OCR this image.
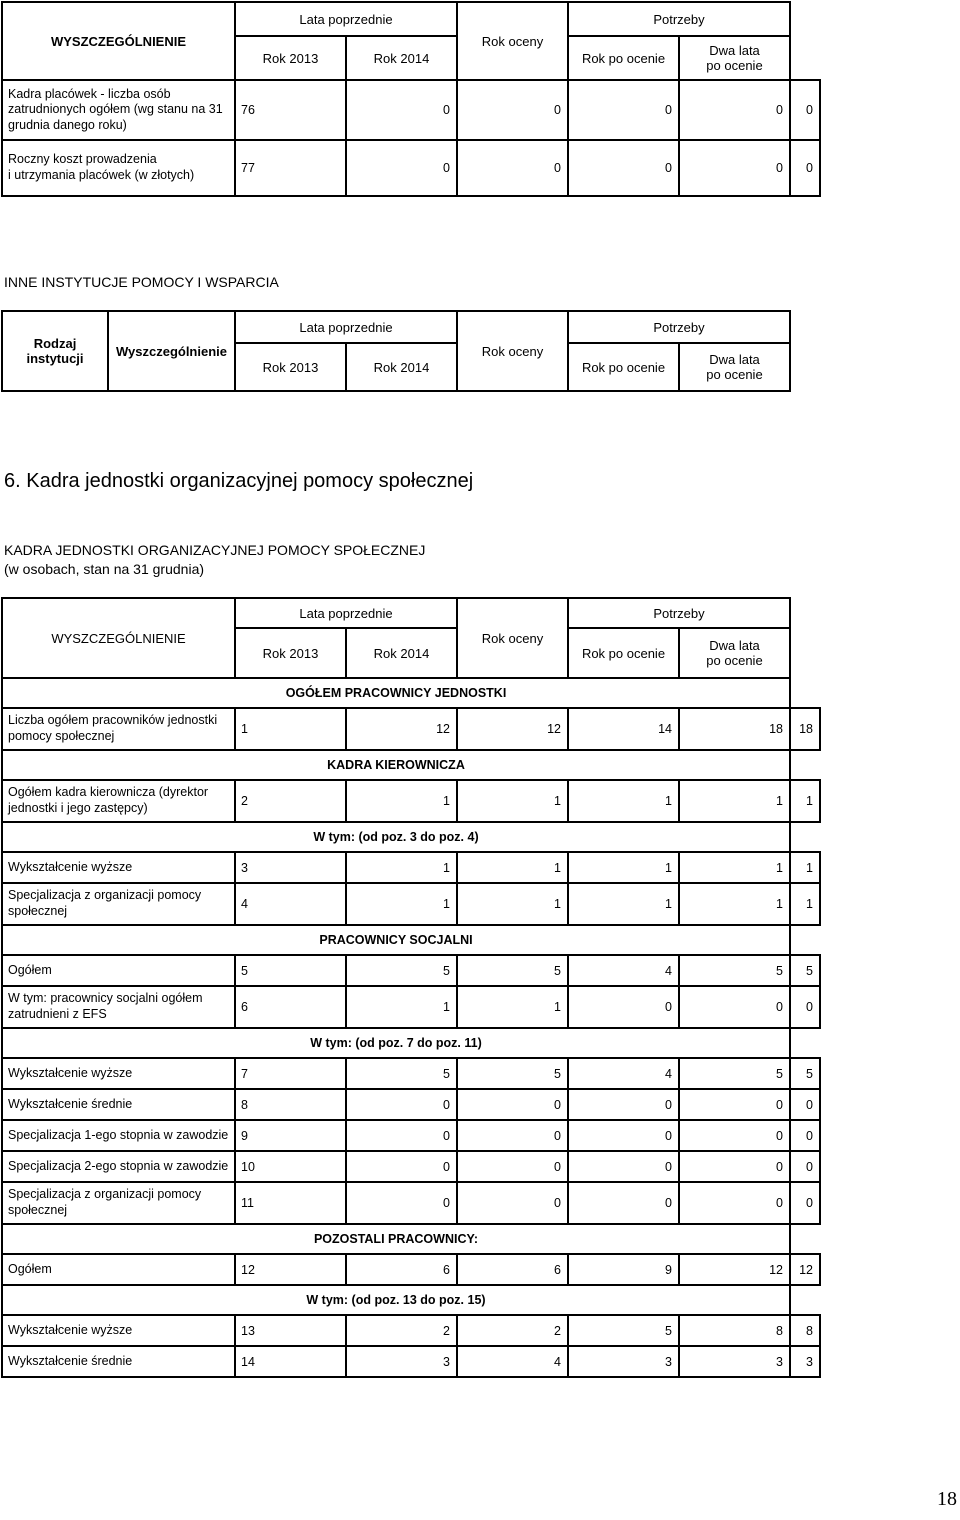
WYSZCZEGÓLNIENIE	Lata poprzednie		Rok oceny	Potrzeby		
	Rok 2013	Rok 2014		Rok po ocenie	Dwa lata
po ocenie	

Kadra placówek - liczba osób
zatrudnionych ogółem (wg stanu na 31
grudnia danego roku)	76	0	0	0	0	0

Roczny koszt prowadzenia
i utrzymania placówek (w złotych)	77	0	0	0	0	0
INNE INSTYTUCJE POMOCY I WSPARCIA
Rodzaj
instytucji	Wyszczególnienie	Lata poprzednie		Rok oceny	Potrzeby	
		Rok 2013	Rok 2014		Rok po ocenie	Dwa lata
po ocenie
6. Kadra jednostki organizacyjnej pomocy społecznej
KADRA JEDNOSTKI ORGANIZACYJNEJ POMOCY SPOŁECZNEJ
(w osobach, stan na 31 grudnia)
WYSZCZEGÓLNIENIE	Lata poprzednie		Rok oceny	Potrzeby		
	Rok 2013	Rok 2014		Rok po ocenie	Dwa lata
po ocenie	

OGÓŁEM PRACOWNICY JEDNOSTKI						

Liczba ogółem pracowników jednostki
pomocy społecznej	1	12	12	14	18	18
KADRA KIEROWNICZA						

Ogółem kadra kierownicza (dyrektor
jednostki i jego zastępcy)	2	1	1	1	1	1
W tym: (od poz. 3 do poz. 4)						

Wykształcenie wyższe	3	1	1	1	1	1

Specjalizacja z organizacji pomocy
społecznej	4	1	1	1	1	1
PRACOWNICY SOCJALNI						

Ogółem	5	5	5	4	5	5

W tym: pracownicy socjalni ogółem
zatrudnieni z EFS	6	1	1	0	0	0
W tym: (od poz. 7 do poz. 11)						

Wykształcenie wyższe	7	5	5	4	5	5

Wykształcenie średnie	8	0	0	0	0	0

Specjalizacja 1-ego stopnia w zawodzie	9	0	0	0	0	0

Specjalizacja 2-ego stopnia w zawodzie	10	0	0	0	0	0

Specjalizacja z organizacji pomocy
społecznej	11	0	0	0	0	0
POZOSTALI PRACOWNICY:						

Ogółem	12	6	6	9	12	12
W tym: (od poz. 13 do poz. 15)						

Wykształcenie wyższe	13	2	2	5	8	8

Wykształcenie średnie	14	3	4	3	3	3
18
